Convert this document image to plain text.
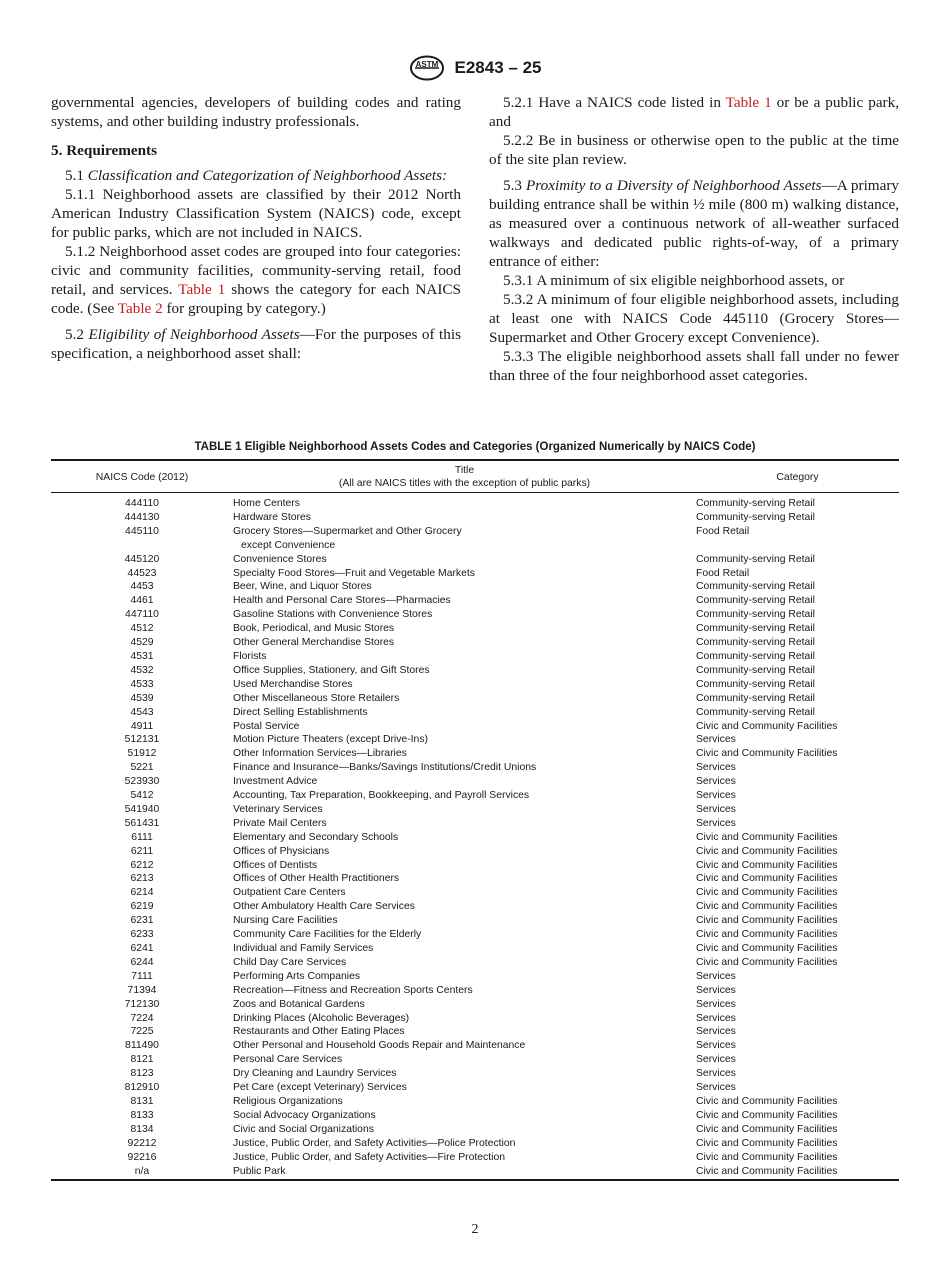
ASTM E2843 – 25

governmental agencies, developers of building codes and rating systems, and other building industry professionals.

5. Requirements

5.1 Classification and Categorization of Neighborhood Assets:

5.1.1 Neighborhood assets are classified by their 2012 North American Industry Classification System (NAICS) code, except for public parks, which are not included in NAICS.

5.1.2 Neighborhood asset codes are grouped into four categories: civic and community facilities, community-serving retail, food retail, and services. Table 1 shows the category for each NAICS code. (See Table 2 for grouping by category.)

5.2 Eligibility of Neighborhood Assets—For the purposes of this specification, a neighborhood asset shall:

5.2.1 Have a NAICS code listed in Table 1 or be a public park, and

5.2.2 Be in business or otherwise open to the public at the time of the site plan review.

5.3 Proximity to a Diversity of Neighborhood Assets—A primary building entrance shall be within ½ mile (800 m) walking distance, as measured over a continuous network of all-weather surfaced walkways and dedicated public rights-of-way, of a primary entrance of either:

5.3.1 A minimum of six eligible neighborhood assets, or

5.3.2 A minimum of four eligible neighborhood assets, including at least one with NAICS Code 445110 (Grocery Stores—Supermarket and Other Grocery except Convenience).

5.3.3 The eligible neighborhood assets shall fall under no fewer than three of the four neighborhood asset categories.

TABLE 1 Eligible Neighborhood Assets Codes and Categories (Organized Numerically by NAICS Code)
NAICS Code (2012)	Title
(All are NAICS titles with the exception of public parks)	Category
444110	Home Centers	Community-serving Retail
444130	Hardware Stores	Community-serving Retail
445110	Grocery Stores—Supermarket and Other Grocery
except Convenience	Food Retail
445120	Convenience Stores	Community-serving Retail
44523	Specialty Food Stores—Fruit and Vegetable Markets	Food Retail
4453	Beer, Wine, and Liquor Stores	Community-serving Retail
4461	Health and Personal Care Stores—Pharmacies	Community-serving Retail
447110	Gasoline Stations with Convenience Stores	Community-serving Retail
4512	Book, Periodical, and Music Stores	Community-serving Retail
4529	Other General Merchandise Stores	Community-serving Retail
4531	Florists	Community-serving Retail
4532	Office Supplies, Stationery, and Gift Stores	Community-serving Retail
4533	Used Merchandise Stores	Community-serving Retail
4539	Other Miscellaneous Store Retailers	Community-serving Retail
4543	Direct Selling Establishments	Community-serving Retail
4911	Postal Service	Civic and Community Facilities
512131	Motion Picture Theaters (except Drive-Ins)	Services
51912	Other Information Services—Libraries	Civic and Community Facilities
5221	Finance and Insurance—Banks/Savings Institutions/Credit Unions	Services
523930	Investment Advice	Services
5412	Accounting, Tax Preparation, Bookkeeping, and Payroll Services	Services
541940	Veterinary Services	Services
561431	Private Mail Centers	Services
6111	Elementary and Secondary Schools	Civic and Community Facilities
6211	Offices of Physicians	Civic and Community Facilities
6212	Offices of Dentists	Civic and Community Facilities
6213	Offices of Other Health Practitioners	Civic and Community Facilities
6214	Outpatient Care Centers	Civic and Community Facilities
6219	Other Ambulatory Health Care Services	Civic and Community Facilities
6231	Nursing Care Facilities	Civic and Community Facilities
6233	Community Care Facilities for the Elderly	Civic and Community Facilities
6241	Individual and Family Services	Civic and Community Facilities
6244	Child Day Care Services	Civic and Community Facilities
7111	Performing Arts Companies	Services
71394	Recreation—Fitness and Recreation Sports Centers	Services
712130	Zoos and Botanical Gardens	Services
7224	Drinking Places (Alcoholic Beverages)	Services
7225	Restaurants and Other Eating Places	Services
811490	Other Personal and Household Goods Repair and Maintenance	Services
8121	Personal Care Services	Services
8123	Dry Cleaning and Laundry Services	Services
812910	Pet Care (except Veterinary) Services	Services
8131	Religious Organizations	Civic and Community Facilities
8133	Social Advocacy Organizations	Civic and Community Facilities
8134	Civic and Social Organizations	Civic and Community Facilities
92212	Justice, Public Order, and Safety Activities—Police Protection	Civic and Community Facilities
92216	Justice, Public Order, and Safety Activities—Fire Protection	Civic and Community Facilities
n/a	Public Park	Civic and Community Facilities
2
